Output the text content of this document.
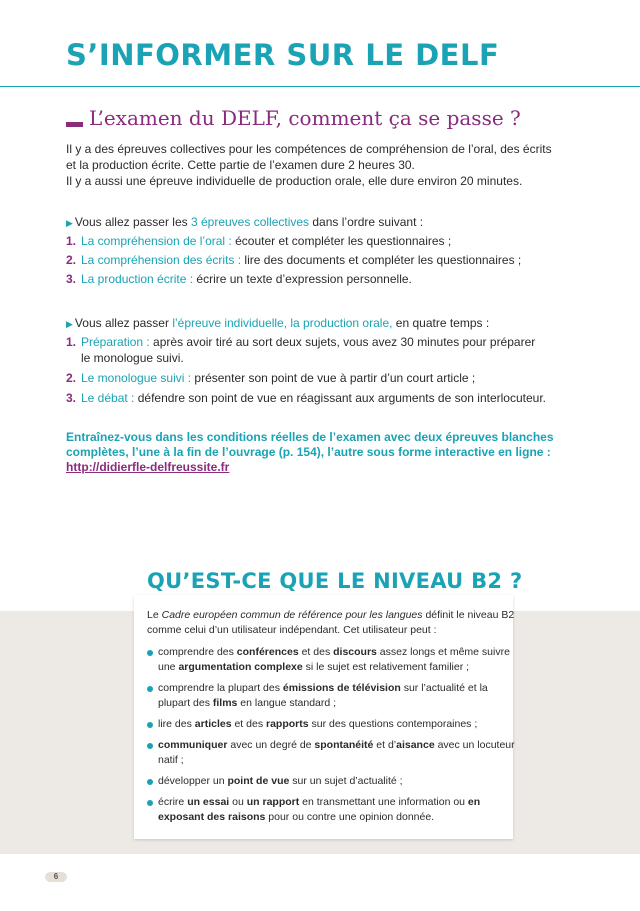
S’INFORMER SUR LE DELF
L’examen du DELF, comment ça se passe ?
Il y a des épreuves collectives pour les compétences de compréhension de l’oral, des écrits
et la production écrite. Cette partie de l’examen dure 2 heures 30.
Il y a aussi une épreuve individuelle de production orale, elle dure environ 20 minutes.
▶ Vous allez passer les 3 épreuves collectives dans l’ordre suivant :
1. La compréhension de l’oral : écouter et compléter les questionnaires ;
2. La compréhension des écrits : lire des documents et compléter les questionnaires ;
3. La production écrite : écrire un texte d’expression personnelle.
▶ Vous allez passer l’épreuve individuelle, la production orale, en quatre temps :
1. Préparation : après avoir tiré au sort deux sujets, vous avez 30 minutes pour préparer
le monologue suivi.
2. Le monologue suivi : présenter son point de vue à partir d’un court article ;
3. Le débat : défendre son point de vue en réagissant aux arguments de son interlocuteur.
Entraînez-vous dans les conditions réelles de l’examen avec deux épreuves blanches
complètes, l’une à la fin de l’ouvrage (p. 154), l’autre sous forme interactive en ligne :
http://didierfle-delfreussite.fr
QU’EST-CE QUE LE NIVEAU B2 ?
Le Cadre européen commun de référence pour les langues définit le niveau B2
comme celui d’un utilisateur indépendant. Cet utilisateur peut :
comprendre des conférences et des discours assez longs et même suivre
une argumentation complexe si le sujet est relativement familier ;
comprendre la plupart des émissions de télévision sur l’actualité et la
plupart des films en langue standard ;
lire des articles et des rapports sur des questions contemporaines ;
communiquer avec un degré de spontanéité et d’aisance avec un locuteur
natif ;
développer un point de vue sur un sujet d’actualité ;
écrire un essai ou un rapport en transmettant une information ou en
exposant des raisons pour ou contre une opinion donnée.
6
